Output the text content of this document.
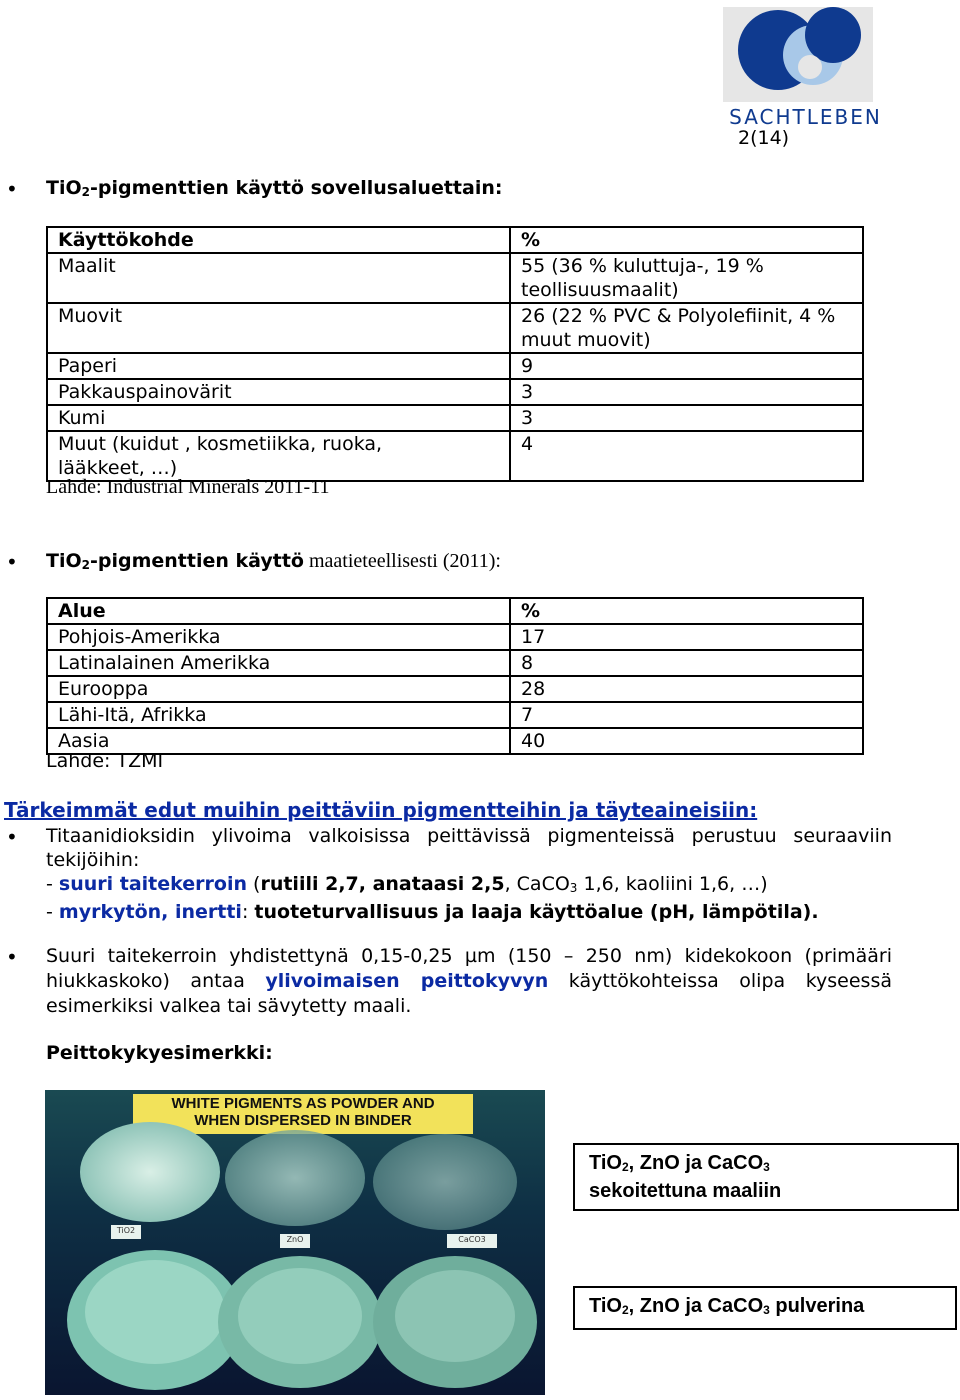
SACHTLEBEN
2(14)
• TiO$_2$-pigmenttien käyttö sovellusaluettain:
Käyttökohde	%
Maalit	55 (36 % kuluttuja-, 19 % teollisuusmaalit)
Muovit	26 (22 % PVC & Polyolefiinit, 4 % muut muovit)
Paperi	9
Pakkauspainovärit	3
Kumi	3
Muut (kuidut , kosmetiikka, ruoka, lääkkeet, …)	4
Lähde: Industrial Minerals 2011-11
• TiO$_2$-pigmenttien käyttö maatieteellisesti (2011):
Alue	%
Pohjois-Amerikka	17
Latinalainen Amerikka	8
Eurooppa	28
Lähi-Itä, Afrikka	7
Aasia	40
Lähde: TZMI
Tärkeimmät edut muihin peittäviin pigmentteihin ja täyteaineisiin:
• Titaanidioksidin ylivoima valkoisissa peittävissä pigmenteissä perustuu seuraaviin tekijöihin:
- suuri taitekerroin (rutiili 2,7, anataasi 2,5, CaCO$_3$ 1,6, kaoliini 1,6, …)
- myrkytön, inertti: tuoteturvallisuus ja laaja käyttöalue (pH, lämpötila).
• Suuri taitekerroin yhdistettynä 0,15-0,25 µm (150 – 250 nm) kidekokoon (primääri hiukkaskoko) antaa ylivoimaisen peittokyvyn käyttökohteissa olipa kyseessä esimerkiksi valkea tai sävytetty maali.
Peittokykyesimerkki:
WHITE PIGMENTS AS POWDER AND
WHEN DISPERSED IN BINDER
TiO2
ZnO	CaCO3
TiO$_2$, ZnO ja CaCO$_3$
sekoitettuna maaliin
TiO$_2$, ZnO ja CaCO$_3$ pulverina
